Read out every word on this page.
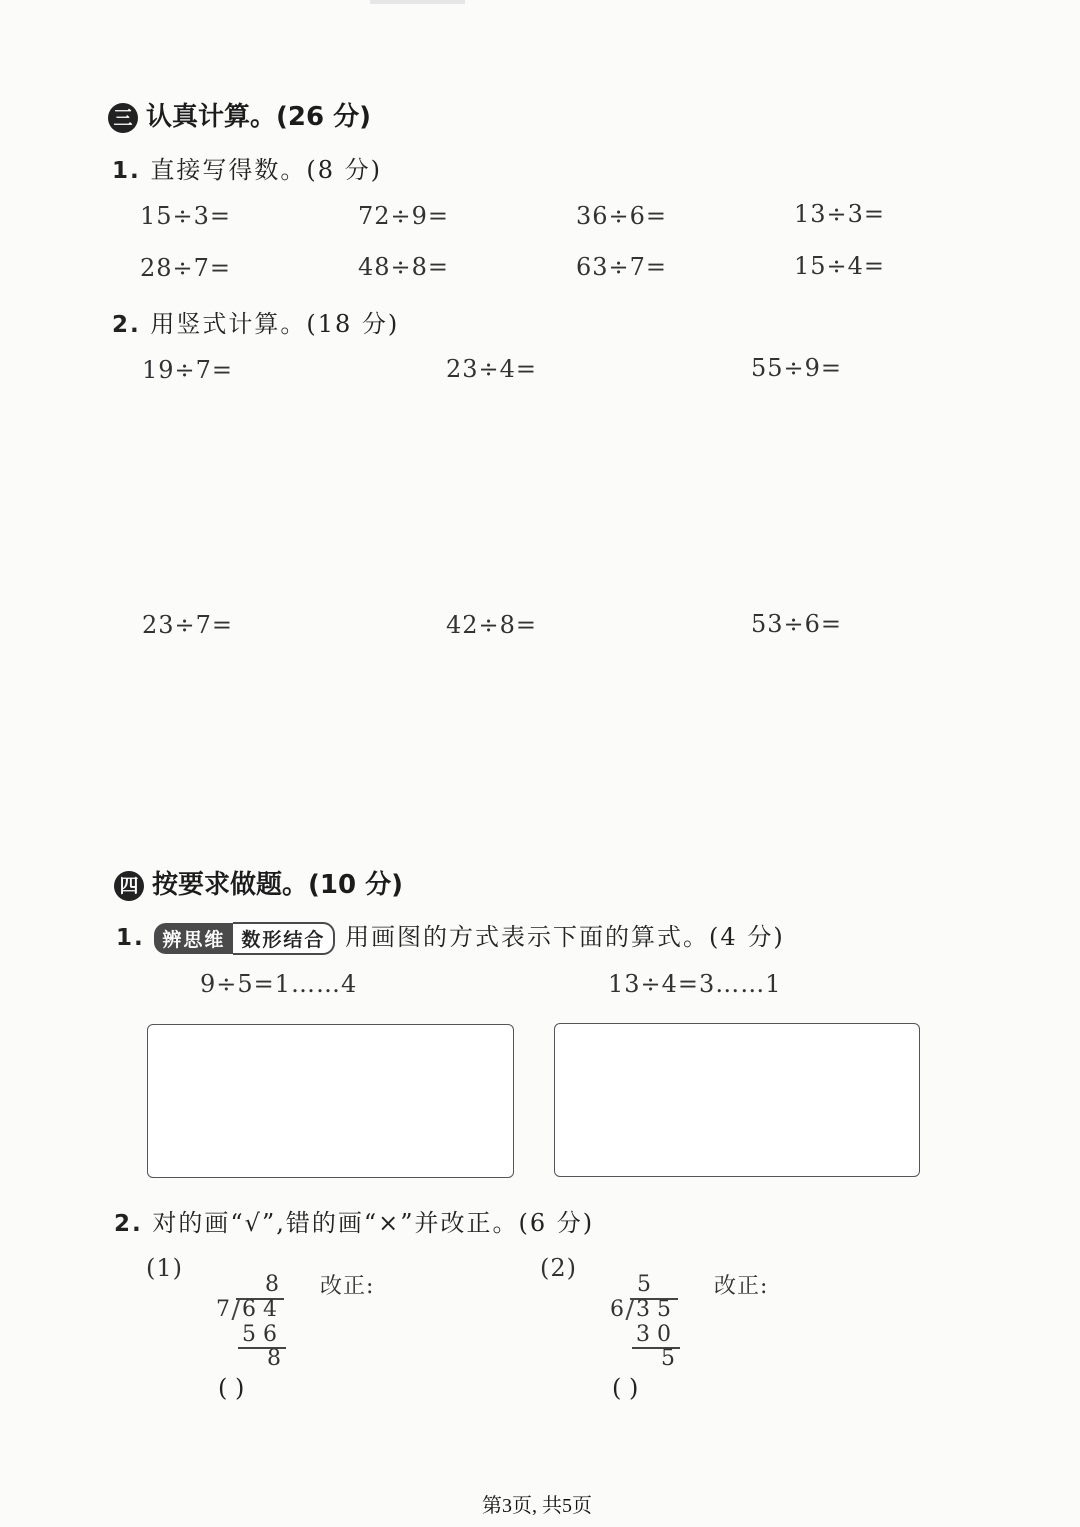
三 认真计算。(26 分)
1. 直接写得数。(8 分)
15÷3=	72÷9=	36÷6=	13÷3=
28÷7=	48÷8=	63÷7=	15÷4=
2. 用竖式计算。(18 分)
19÷7=	23÷4=	55÷9=
23÷7=	42÷8=	53÷6=
四 按要求做题。(10 分)
1. 辨思维 数形结合 用画图的方式表示下面的算式。(4 分)
9÷5=1……4	13÷4=3……1
2. 对的画“√”,错的画“×”并改正。(6 分)
(1)
8
7 6 4
5 6
8
改正:
( )
(2)
5
6 3 5
3 0
5
改正:
( )
第3页, 共5页
